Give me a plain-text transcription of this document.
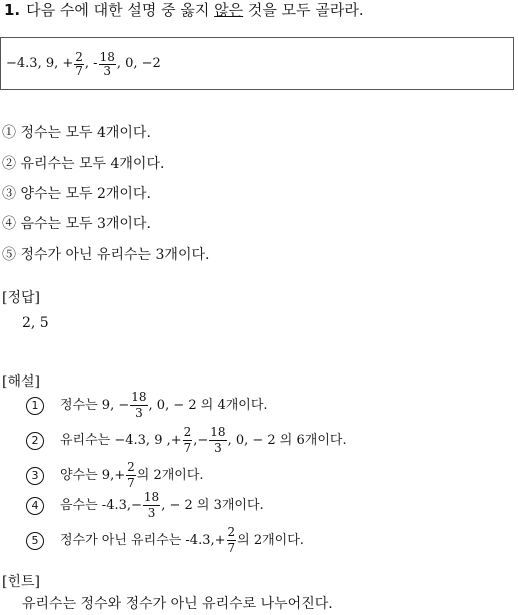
1. 다음 수에 대한 설명 중 옳지 않은 것을 모두 골라라.
−4.3, 9, + $\frac{2}{7}$ , - $\frac{18}{3}$ , 0, −2
① 정수는 모두 4개이다.
② 유리수는 모두 4개이다.
③ 양수는 모두 2개이다.
④ 음수는 모두 3개이다.
⑤ 정수가 아닌 유리수는 3개이다.
[정답]
2, 5
[해설]
1	정수는 9, − $\frac{18}{3}$ , 0, − 2 의 4개이다.
2	유리수는 −4.3, 9 ,+ $\frac{2}{7}$ ,− $\frac{18}{3}$ , 0, − 2 의 6개이다.
3	양수는 $9,+ \frac{2}{7}$ 의 2개이다.
4	음수는 $-4.3,- \frac{18}{3}$ , − 2 의 3개이다.
5	정수가 아닌 유리수는 $-4.3,+ \frac{2}{7}$ 의 2개이다.
[힌트]
유리수는 정수와 정수가 아닌 유리수로 나누어진다.
